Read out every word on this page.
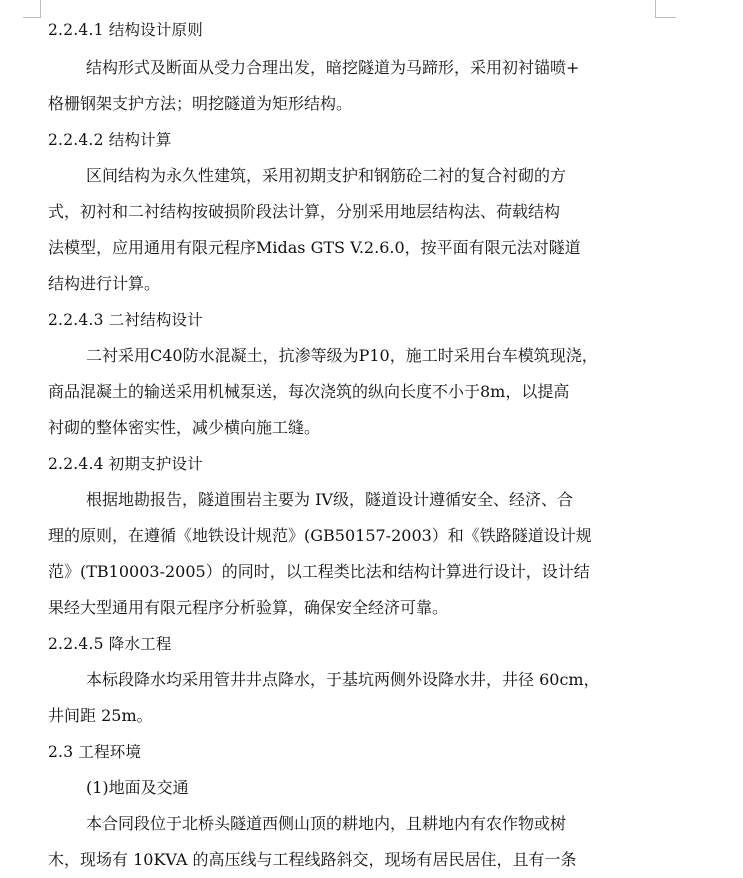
2.2.4.1 结构设计原则
结构形式及断面从受力合理出发，暗挖隧道为马蹄形，采用初衬锚喷+
格栅钢架支护方法；明挖隧道为矩形结构。
2.2.4.2 结构计算
区间结构为永久性建筑，采用初期支护和钢筋砼二衬的复合衬砌的方
式，初衬和二衬结构按破损阶段法计算，分别采用地层结构法、荷载结构
法模型，应用通用有限元程序Midas GTS V.2.6.0，按平面有限元法对隧道
结构进行计算。
2.2.4.3 二衬结构设计
二衬采用C40防水混凝土，抗渗等级为P10，施工时采用台车模筑现浇，
商品混凝土的输送采用机械泵送，每次浇筑的纵向长度不小于8m，以提高
衬砌的整体密实性，减少横向施工缝。
2.2.4.4 初期支护设计
根据地勘报告，隧道围岩主要为 IV级，隧道设计遵循安全、经济、合
理的原则，在遵循《地铁设计规范》(GB50157-2003）和《铁路隧道设计规
范》(TB10003-2005）的同时，以工程类比法和结构计算进行设计，设计结
果经大型通用有限元程序分析验算，确保安全经济可靠。
2.2.4.5 降水工程
本标段降水均采用管井井点降水，于基坑两侧外设降水井，井径 60cm，
井间距 25m。
2.3 工程环境
(1)地面及交通
本合同段位于北桥头隧道西侧山顶的耕地内，且耕地内有农作物或树
木，现场有 10KVA 的高压线与工程线路斜交，现场有居民居住，且有一条
